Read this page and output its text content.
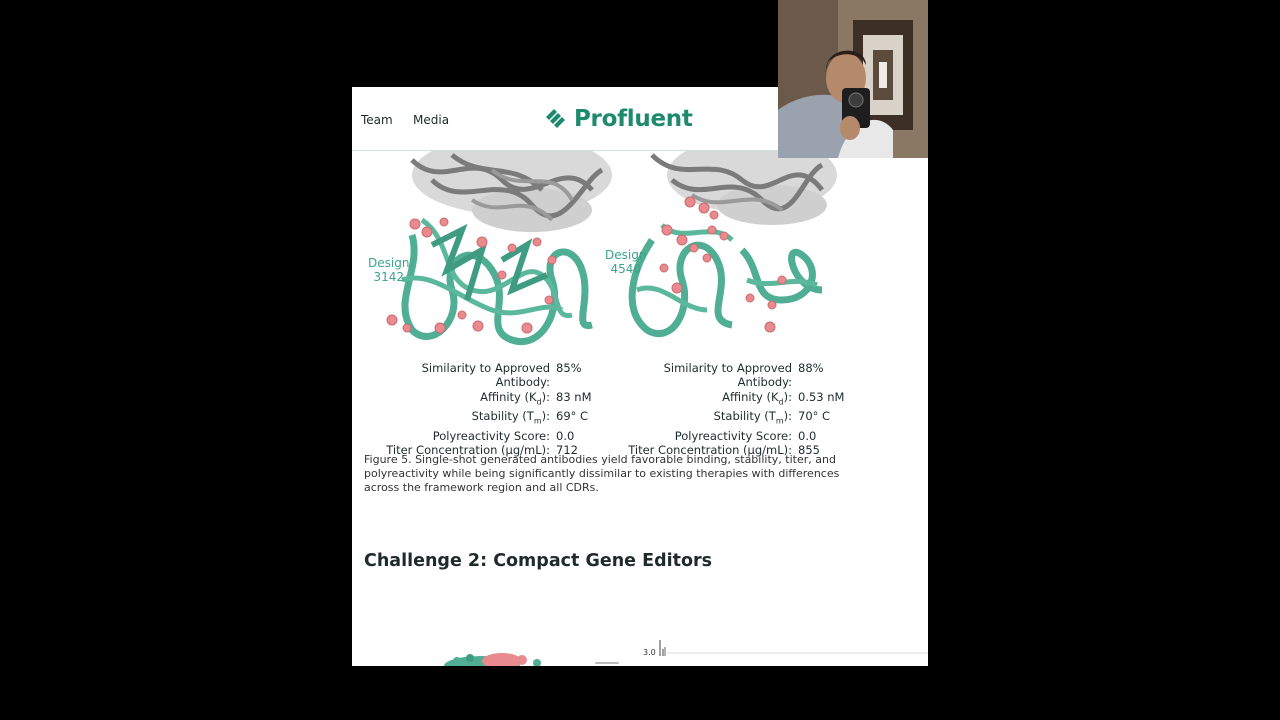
Team Media	Profluent
Design
3142
Design
4540
Similarity to Approved Antibody:
85%
Affinity $(K_d)$: 83 nM
Stability $(T_m)$: 69° C
Polyreactivity Score: 0.0
Titer Concentration (µg/mL): 712
Similarity to Approved Antibody:
88%
Affinity $(K_d)$: 0.53 nM
Stability $(T_m)$: 70° C
Polyreactivity Score: 0.0
Titer Concentration (µg/mL): 855
Figure 5. Single-shot generated antibodies yield favorable binding, stability, titer, and polyreactivity while being significantly dissimilar to existing therapies with differences across the framework region and all CDRs.
Challenge 2: Compact Gene Editors
3.0
